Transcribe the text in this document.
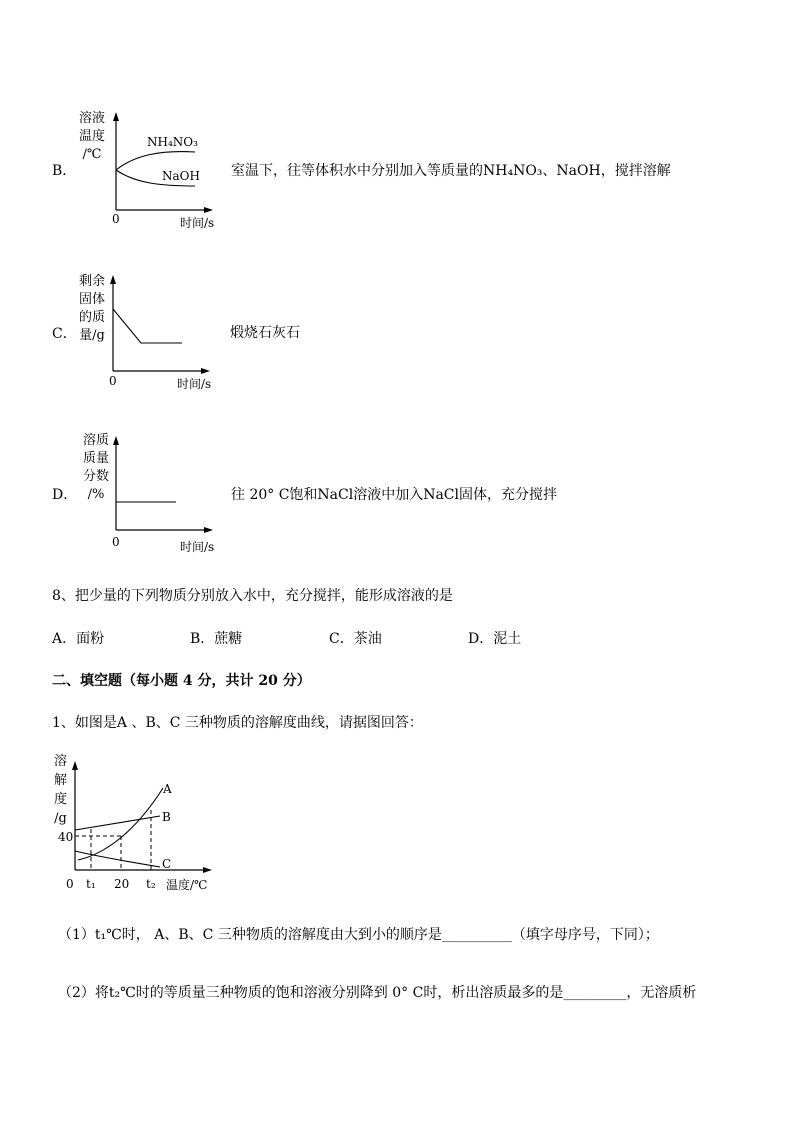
B．
溶液
温度
/℃
NH₄NO₃
NaOH
0	时间/s
室温下，往等体积水中分别加入等质量的NH₄NO₃、NaOH，搅拌溶解
C．
剩余
固体
的质
量/g
0	时间/s
煅烧石灰石
D．
溶质
质量
分数
/%
0	时间/s
往 20° C饱和NaCl溶液中加入NaCl固体，充分搅拌
8、把少量的下列物质分别放入水中，充分搅拌，能形成溶液的是
A．面粉	B．蔗糖	C．茶油	D．泥土
二、填空题（每小题 4 分，共计 20 分）
1、如图是A 、B、C 三种物质的溶解度曲线，请据图回答：
溶
解
度
/g
A
B
C
40
0 t₁ 20 t₂ 温度/℃
（1）t₁℃时， A、B、C 三种物质的溶解度由大到小的顺序是__________（填字母序号，下同）；
（2）将t₂℃时的等质量三种物质的饱和溶液分别降到 0° C时，析出溶质最多的是_________，无溶质析
